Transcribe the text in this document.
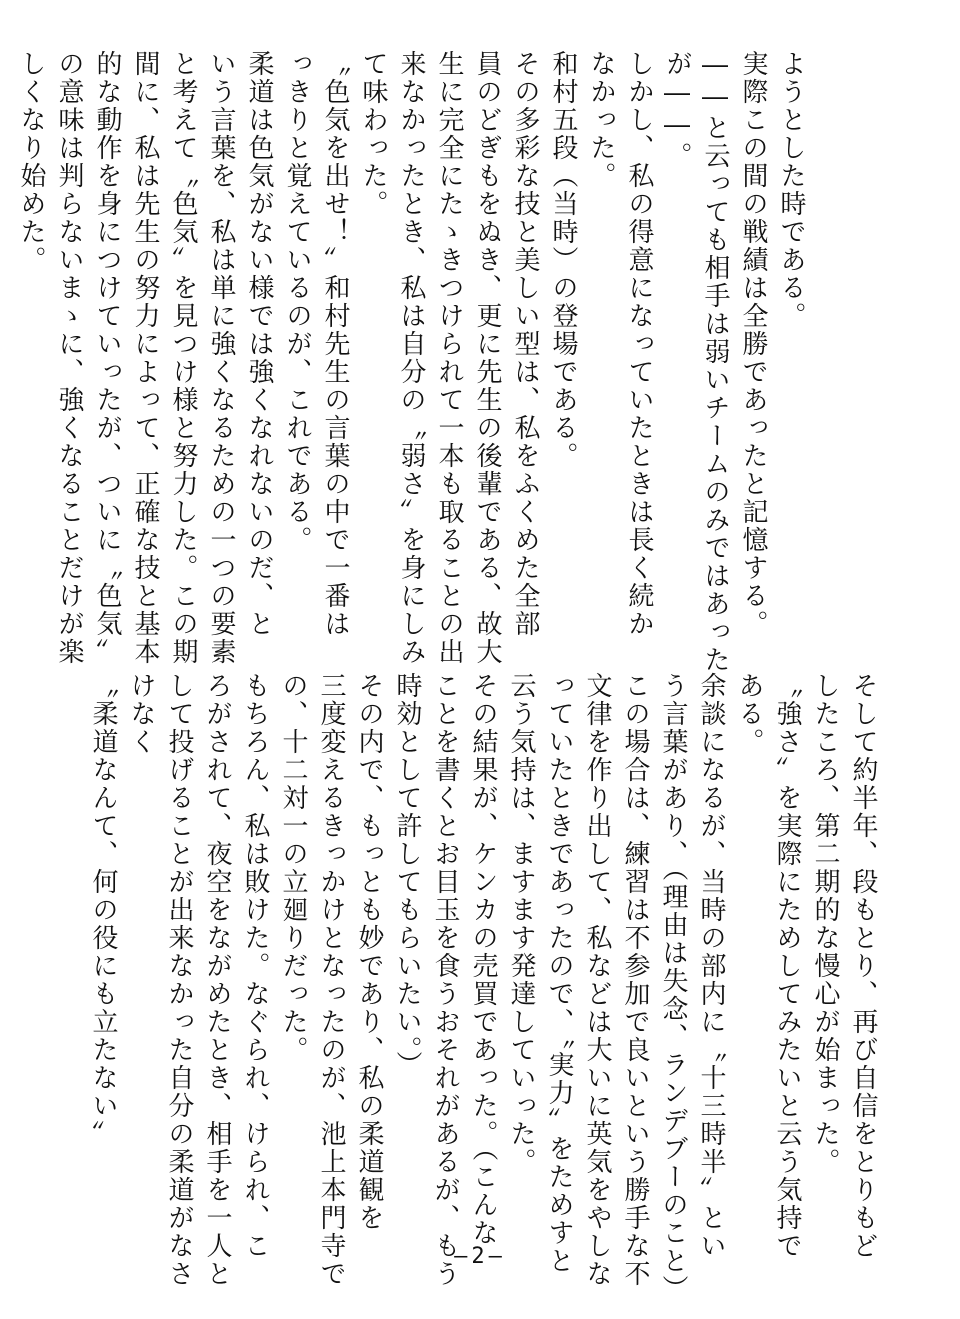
ようとした時である。
実際この間の戦績は全勝であったと記憶する。
――と云っても相手は弱いチームのみではあった
が――。
しかし、私の得意になっていたときは長く続か
なかった。
和村五段（当時）の登場である。
その多彩な技と美しい型は、私をふくめた全部
員のどぎもをぬき、更に先生の後輩である、故大
生に完全にたゝきつけられて一本も取ることの出
来なかったとき、私は自分の〝弱さ〟を身にしみ
て味わった。
〝色気を出せ！〟和村先生の言葉の中で一番は
っきりと覚えているのが、これである。
柔道は色気がない様では強くなれないのだ、と
いう言葉を、私は単に強くなるための一つの要素
と考えて〝色気〟を見つけ様と努力した。この期
間に、私は先生の努力によって、正確な技と基本
的な動作を身につけていったが、ついに〝色気〟
の意味は判らないまゝに、強くなることだけが楽
しくなり始めた。
そして約半年、段もとり、再び自信をとりもど
したころ、第二期的な慢心が始まった。
〝強さ〟を実際にためしてみたいと云う気持で
ある。
余談になるが、当時の部内に〝十三時半〟とい
う言葉があり、（理由は失念、ランデブーのこと）
この場合は、練習は不参加で良いという勝手な不
文律を作り出して、私などは大いに英気をやしな
っていたときであったので、〝実力〟をためすと
云う気持は、ますます発達していった。
その結果が、ケンカの売買であった。（こんな
ことを書くとお目玉を食うおそれがあるが、もう
時効として許してもらいたい。）
その内で、もっとも妙であり、私の柔道観を
三度変えるきっかけとなったのが、池上本門寺で
の、十二対一の立廻りだった。
もちろん、私は敗けた。なぐられ、けられ、こ
ろがされて、夜空をながめたとき、相手を一人と
して投げることが出来なかった自分の柔道がなさ
けなく
〝柔道なんて、何の役にも立たない〟
―2―
